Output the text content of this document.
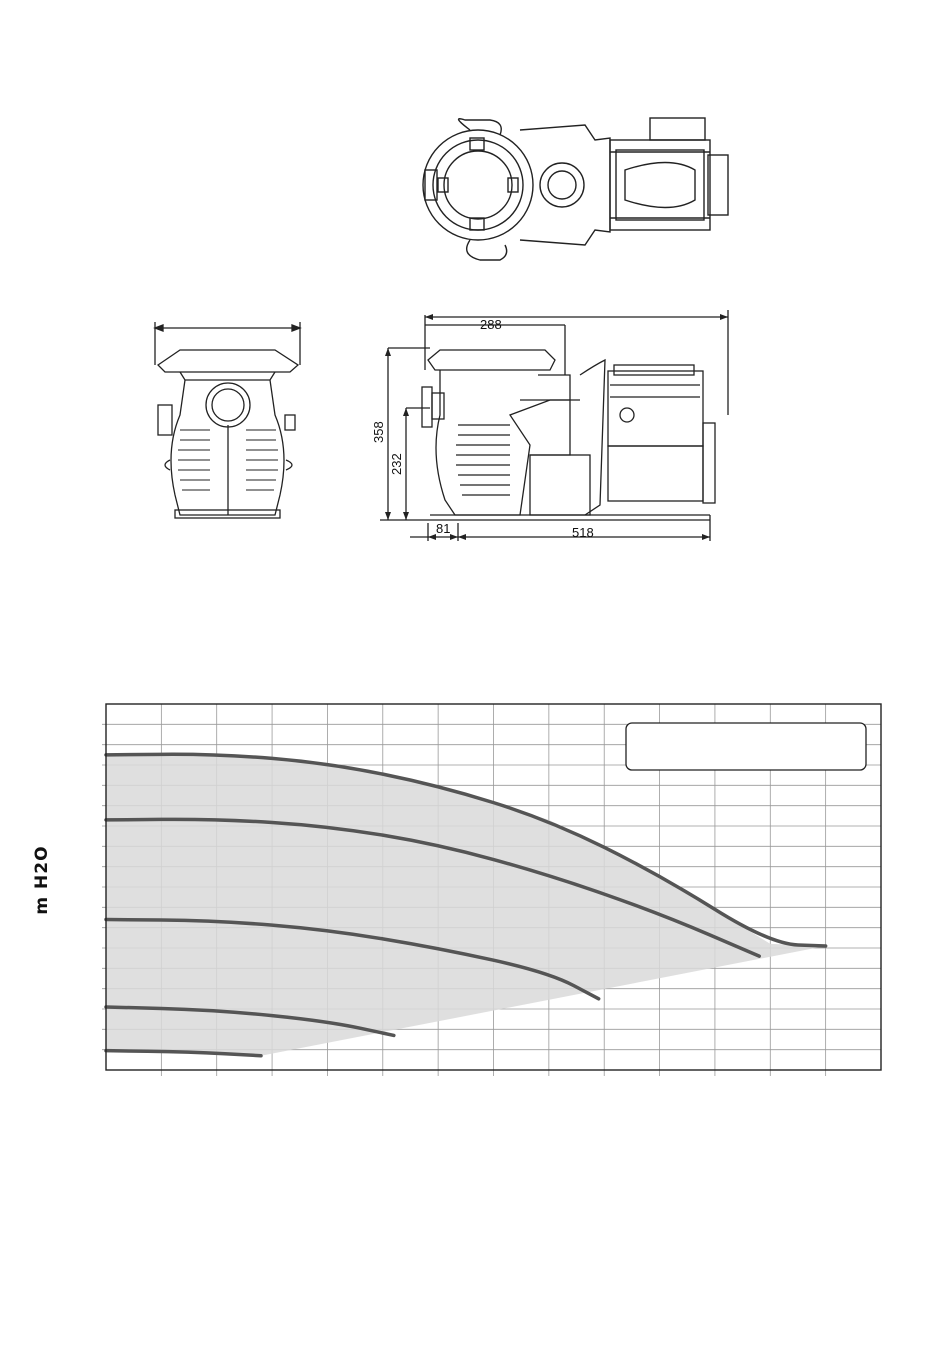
288
358
232
81	518
m H2O
